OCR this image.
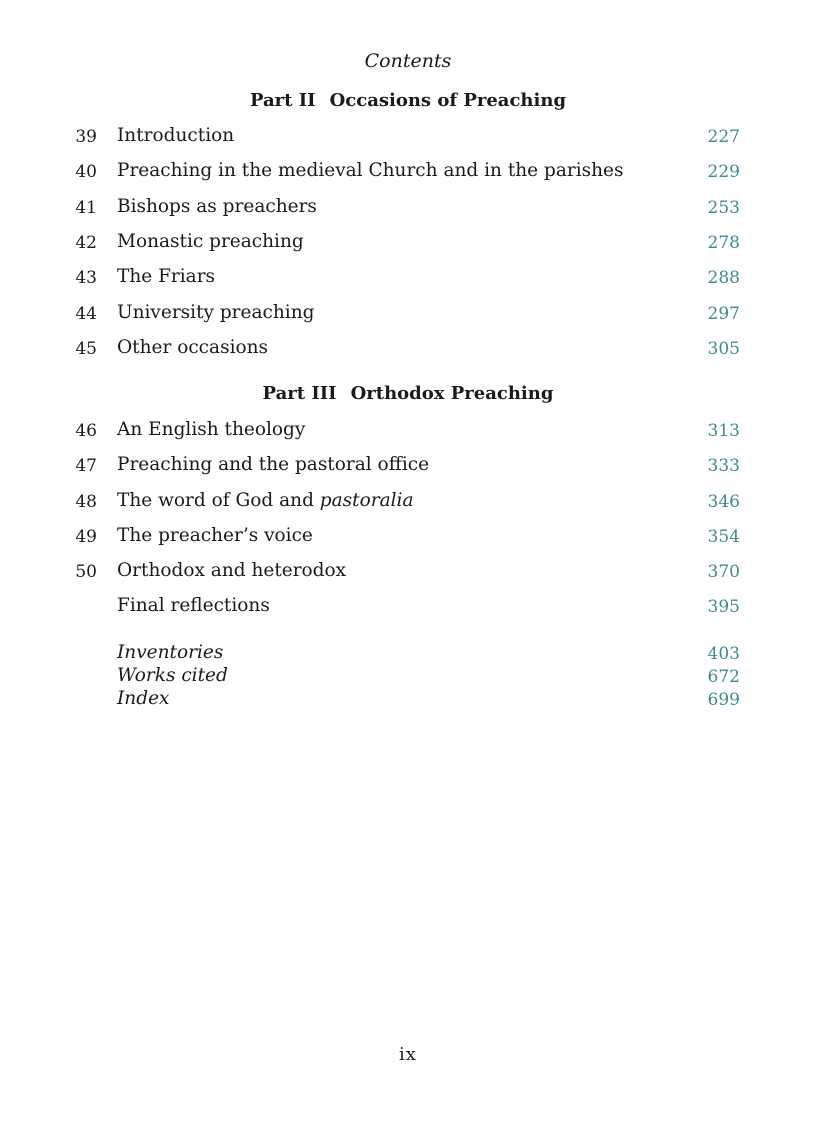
Contents
Part II Occasions of Preaching
39 Introduction	227
40 Preaching in the medieval Church and in the parishes	229
41 Bishops as preachers	253
42 Monastic preaching	278
43 The Friars	288
44 University preaching	297
45 Other occasions	305
Part III Orthodox Preaching
46 An English theology	313
47 Preaching and the pastoral office	333
48 The word of God and pastoralia	346
49 The preacher’s voice	354
50 Orthodox and heterodox	370
Final reflections	395
Inventories	403
Works cited	672
Index	699
ix
